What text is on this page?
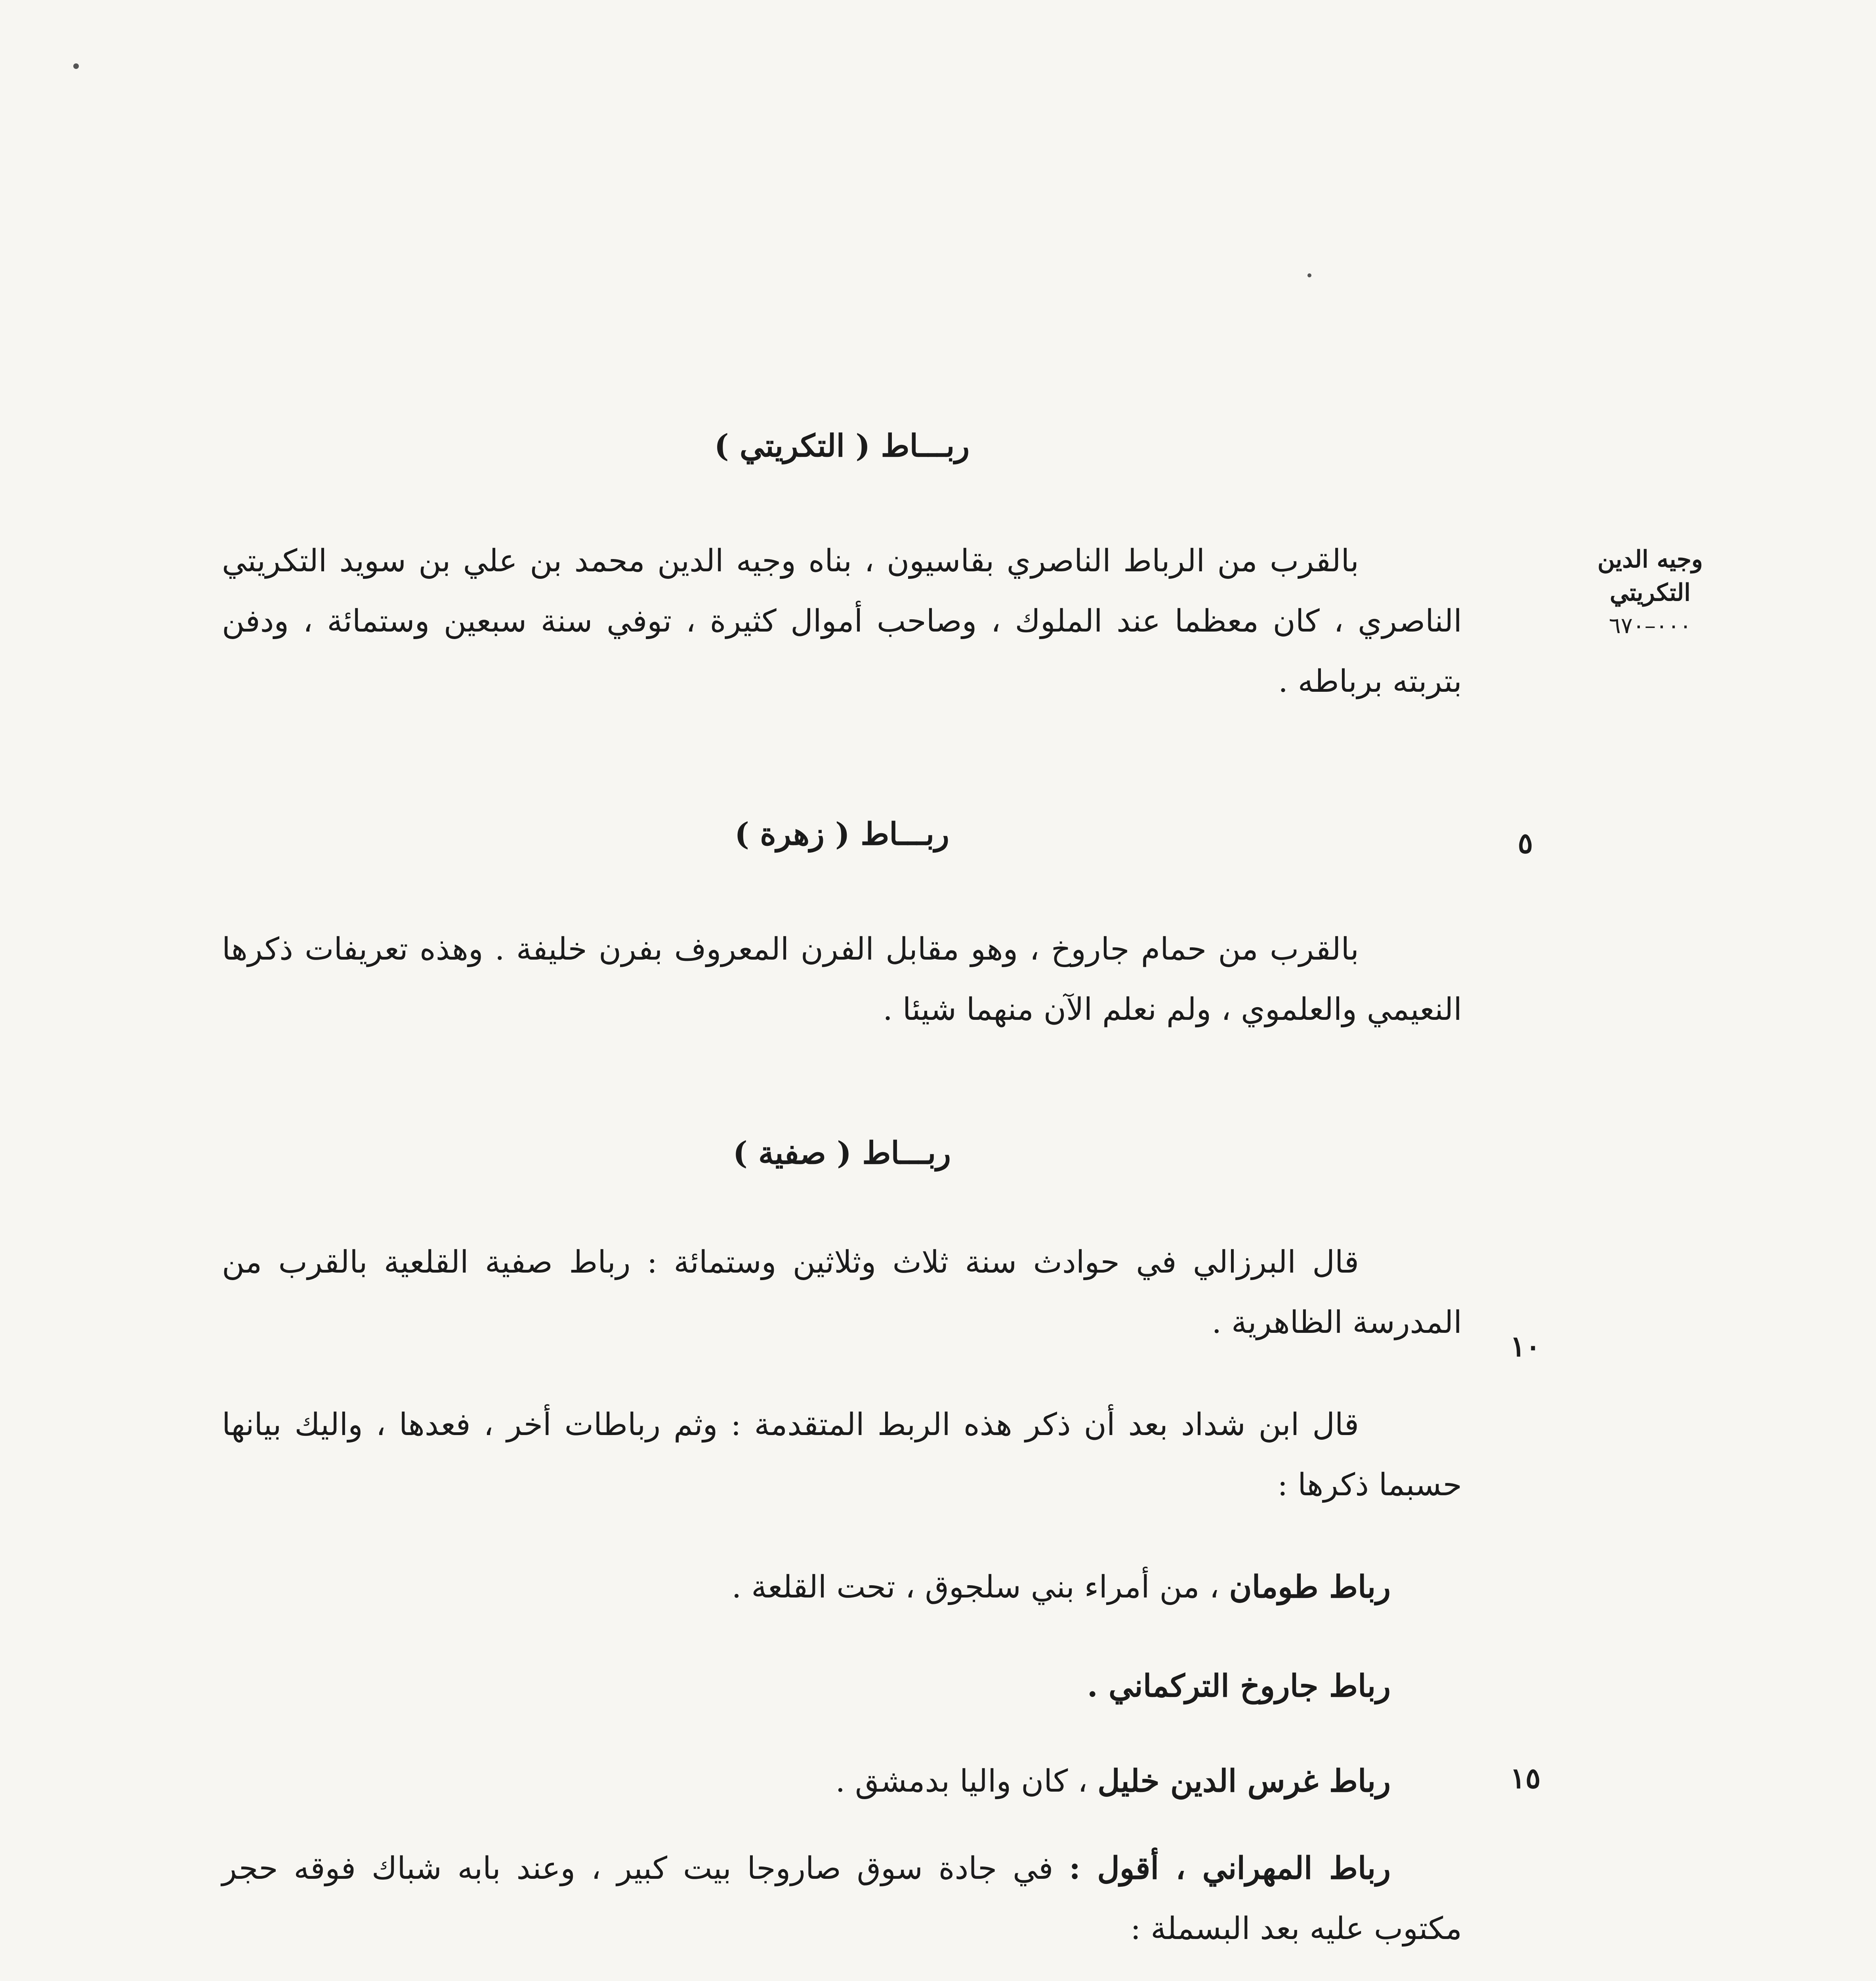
وجيه الدين
التكريتي
٠٠٠–٦٧٠
ربـــاط ( التكريتي )
بالقرب من الرباط الناصري بقاسيون ، بناه وجيه الدين محمد بن علي بن سويد التكريتي الناصري ، كان معظما عند الملوك ، وصاحب أموال كثيرة ، توفي سنة سبعين وستمائة ، ودفن بتربته برباطه .
٥
ربـــاط ( زهرة )
بالقرب من حمام جاروخ ، وهو مقابل الفرن المعروف بفرن خليفة . وهذه تعريفات ذكرها النعيمي والعلموي ، ولم نعلم الآن منهما شيئا .
ربـــاط ( صفية )
قال البرزالي في حوادث سنة ثلاث وثلاثين وستمائة : رباط صفية القلعية بالقرب من المدرسة الظاهرية .
١٠
قال ابن شداد بعد أن ذكر هذه الربط المتقدمة : وثم رباطات أخر ، فعدها ، واليك بيانها حسبما ذكرها :
رباط طومان ، من أمراء بني سلجوق ، تحت القلعة .
رباط جاروخ التركماني .
١٥
رباط غرس الدين خليل ، كان واليا بدمشق .
رباط المهراني ، أقول : في جادة سوق صاروجا بيت كبير ، وعند بابه شباك فوقه حجر مكتوب عليه بعد البسملة :
